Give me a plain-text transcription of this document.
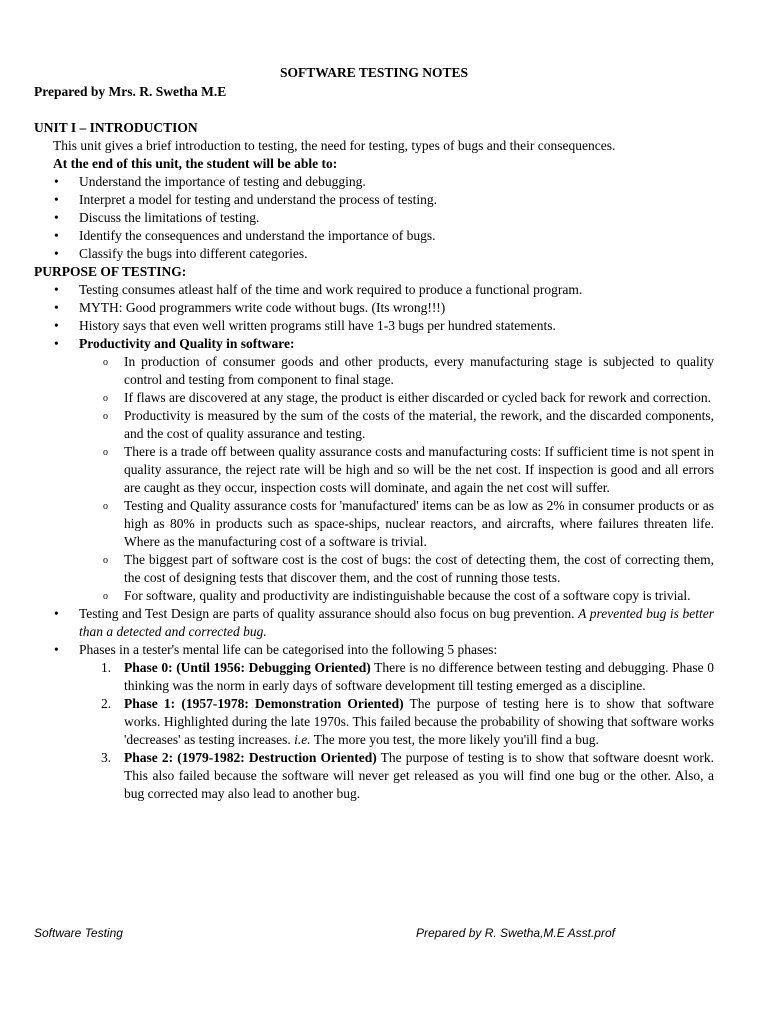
SOFTWARE TESTING NOTES
Prepared by Mrs. R. Swetha M.E
UNIT I – INTRODUCTION
This unit gives a brief introduction to testing, the need for testing, types of bugs and their consequences.
At the end of this unit, the student will be able to:
• Understand the importance of testing and debugging.
• Interpret a model for testing and understand the process of testing.
• Discuss the limitations of testing.
• Identify the consequences and understand the importance of bugs.
• Classify the bugs into different categories.
PURPOSE OF TESTING:
• Testing consumes atleast half of the time and work required to produce a functional program.
• MYTH: Good programmers write code without bugs. (Its wrong!!!)
• History says that even well written programs still have 1-3 bugs per hundred statements.
• Productivity and Quality in software:
o In production of consumer goods and other products, every manufacturing stage is subjected to quality control and testing from component to final stage.
o If flaws are discovered at any stage, the product is either discarded or cycled back for rework and correction.
o Productivity is measured by the sum of the costs of the material, the rework, and the discarded components, and the cost of quality assurance and testing.
o There is a trade off between quality assurance costs and manufacturing costs: If sufficient time is not spent in quality assurance, the reject rate will be high and so will be the net cost. If inspection is good and all errors are caught as they occur, inspection costs will dominate, and again the net cost will suffer.
o Testing and Quality assurance costs for 'manufactured' items can be as low as 2% in consumer products or as high as 80% in products such as space-ships, nuclear reactors, and aircrafts, where failures threaten life. Where as the manufacturing cost of a software is trivial.
o The biggest part of software cost is the cost of bugs: the cost of detecting them, the cost of correcting them, the cost of designing tests that discover them, and the cost of running those tests.
o For software, quality and productivity are indistinguishable because the cost of a software copy is trivial.
• Testing and Test Design are parts of quality assurance should also focus on bug prevention. A prevented bug is better than a detected and corrected bug.
• Phases in a tester's mental life can be categorised into the following 5 phases:
1. Phase 0: (Until 1956: Debugging Oriented) There is no difference between testing and debugging. Phase 0 thinking was the norm in early days of software development till testing emerged as a discipline.
2. Phase 1: (1957-1978: Demonstration Oriented) The purpose of testing here is to show that software works. Highlighted during the late 1970s. This failed because the probability of showing that software works 'decreases' as testing increases. i.e. The more you test, the more likely you'ill find a bug.
3. Phase 2: (1979-1982: Destruction Oriented) The purpose of testing is to show that software doesnt work. This also failed because the software will never get released as you will find one bug or the other. Also, a bug corrected may also lead to another bug.
Software Testing	Prepared by R. Swetha,M.E Asst.prof
